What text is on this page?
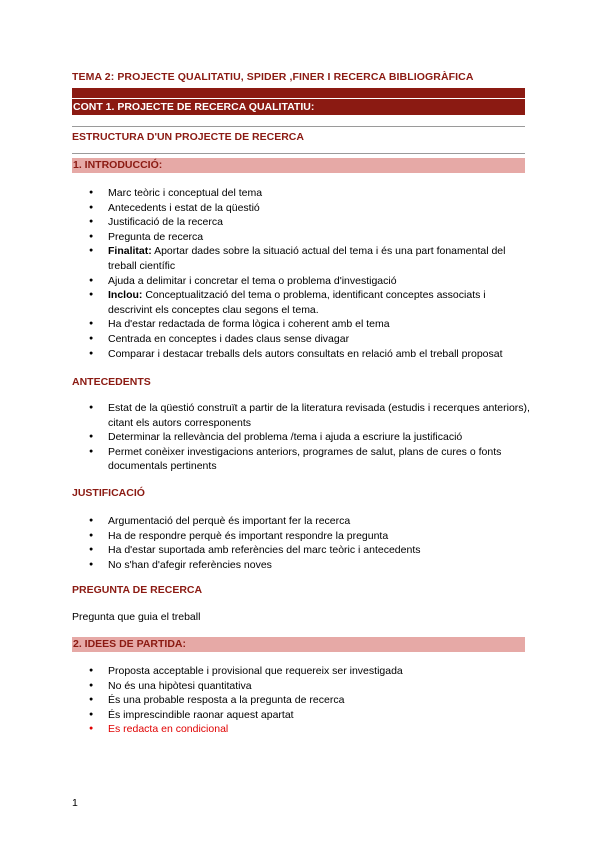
TEMA 2: PROJECTE QUALITATIU, SPIDER ,FINER I RECERCA BIBLIOGRÀFICA
CONT 1. PROJECTE DE RECERCA QUALITATIU:
ESTRUCTURA D'UN PROJECTE DE RECERCA
1. INTRODUCCIÓ:
● Marc teòric i conceptual del tema
● Antecedents i estat de la qüestió
● Justificació de la recerca
● Pregunta de recerca
● Finalitat: Aportar dades sobre la situació actual del tema i és una part fonamental del treball científic
● Ajuda a delimitar i concretar el tema o problema d'investigació
● Inclou: Conceptualització del tema o problema, identificant conceptes associats i descrivint els conceptes clau segons el tema.
● Ha d'estar redactada de forma lògica i coherent amb el tema
● Centrada en conceptes i dades claus sense divagar
● Comparar i destacar treballs dels autors consultats en relació amb el treball proposat
ANTECEDENTS
● Estat de la qüestió construït a partir de la literatura revisada (estudis i recerques anteriors), citant els autors corresponents
● Determinar la rellevància del problema /tema i ajuda a escriure la justificació
● Permet conèixer investigacions anteriors, programes de salut, plans de cures o fonts documentals pertinents
JUSTIFICACIÓ
● Argumentació del perquè és important fer la recerca
● Ha de respondre perquè és important respondre la pregunta
● Ha d'estar suportada amb referències del marc teòric i antecedents
● No s'han d'afegir referències noves
PREGUNTA DE RECERCA
Pregunta que guia el treball
2. IDEES DE PARTIDA:
● Proposta acceptable i provisional que requereix ser investigada
● No és una hipòtesi quantitativa
● És una probable resposta a la pregunta de recerca
● És imprescindible raonar aquest apartat
● Es redacta en condicional
1
